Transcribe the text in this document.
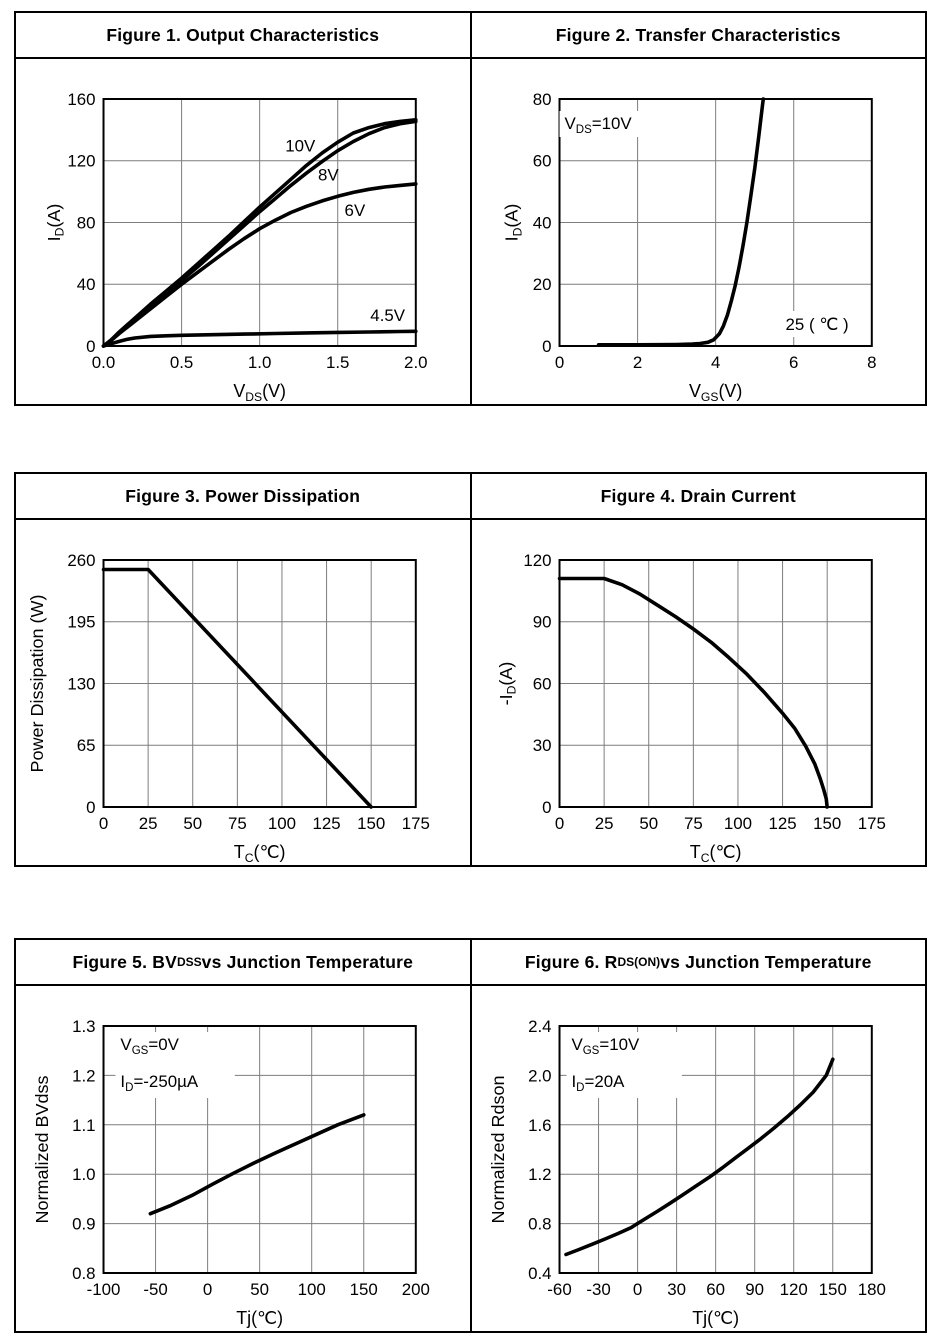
Figure 1. Output Characteristics	Figure 2. Transfer Characteristics
10V
8V
6V
4.5V
0.0	0.5	1.0	1.5	2.0
0
40
80
120
160
$V_{DS}(V)$
$I_D(A)$
$V_{DS}=10V$
25 ( ℃ )
0	2	4	6	8
0
20
40
60
80
$V_{GS}(V)$
$I_D(A)$
Figure 3. Power Dissipation	Figure 4. Drain Current
0 25 50 75 100 125 150 175
0
65
130
195
260
$T_C(℃)$
Power Dissipation (W)
0 25 50 75 100 125 150 175
0
30
60
90
120
$T_C(℃)$
$-I_D(A)$
Figure 5. BV DSS vs Junction Temperature	Figure 6. R DS(ON) vs Junction Temperature
$V_{GS}=0V$
$I_D=-250\mu A$
-100 -50 0 50 100 150 200
0.8
0.9
1.0
1.1
1.2
1.3
Tj(℃)
Normalized BVdss
$V_{GS}=10V$
$I_D=20A$
-60 -30 0 30 60 90 120 150 180
0.4
0.8
1.2
1.6
2.0
2.4
Tj(℃)
Normalized Rdson
